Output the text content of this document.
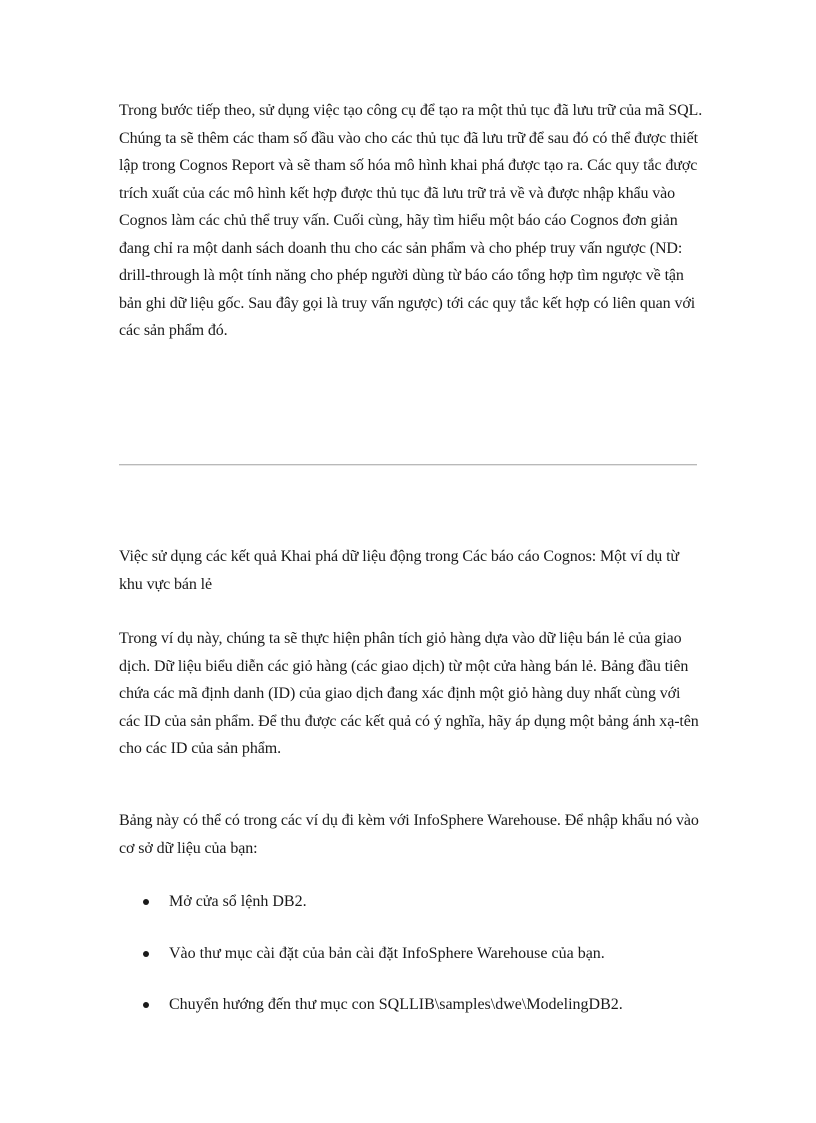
Trong bước tiếp theo, sử dụng việc tạo công cụ để tạo ra một thủ tục đã lưu trữ của mã SQL. Chúng ta sẽ thêm các tham số đầu vào cho các thủ tục đã lưu trữ để sau đó có thể được thiết lập trong Cognos Report và sẽ tham số hóa mô hình khai phá được tạo ra. Các quy tắc được trích xuất của các mô hình kết hợp được thủ tục đã lưu trữ trả về và được nhập khẩu vào Cognos làm các chủ thể truy vấn. Cuối cùng, hãy tìm hiểu một báo cáo Cognos đơn giản đang chỉ ra một danh sách doanh thu cho các sản phẩm và cho phép truy vấn ngược (ND: drill-through là một tính năng cho phép người dùng từ báo cáo tổng hợp tìm ngược về tận bản ghi dữ liệu gốc. Sau đây gọi là truy vấn ngược) tới các quy tắc kết hợp có liên quan với các sản phẩm đó.

Việc sử dụng các kết quả Khai phá dữ liệu động trong Các báo cáo Cognos: Một ví dụ từ khu vực bán lẻ

Trong ví dụ này, chúng ta sẽ thực hiện phân tích giỏ hàng dựa vào dữ liệu bán lẻ của giao dịch. Dữ liệu biểu diễn các giỏ hàng (các giao dịch) từ một cửa hàng bán lẻ. Bảng đầu tiên chứa các mã định danh (ID) của giao dịch đang xác định một giỏ hàng duy nhất cùng với các ID của sản phẩm. Để thu được các kết quả có ý nghĩa, hãy áp dụng một bảng ánh xạ-tên cho các ID của sản phẩm.

Bảng này có thể có trong các ví dụ đi kèm với InfoSphere Warehouse. Để nhập khẩu nó vào cơ sở dữ liệu của bạn:

Mở cửa sổ lệnh DB2.
Vào thư mục cài đặt của bản cài đặt InfoSphere Warehouse của bạn.
Chuyển hướng đến thư mục con SQLLIB\samples\dwe\ModelingDB2.
